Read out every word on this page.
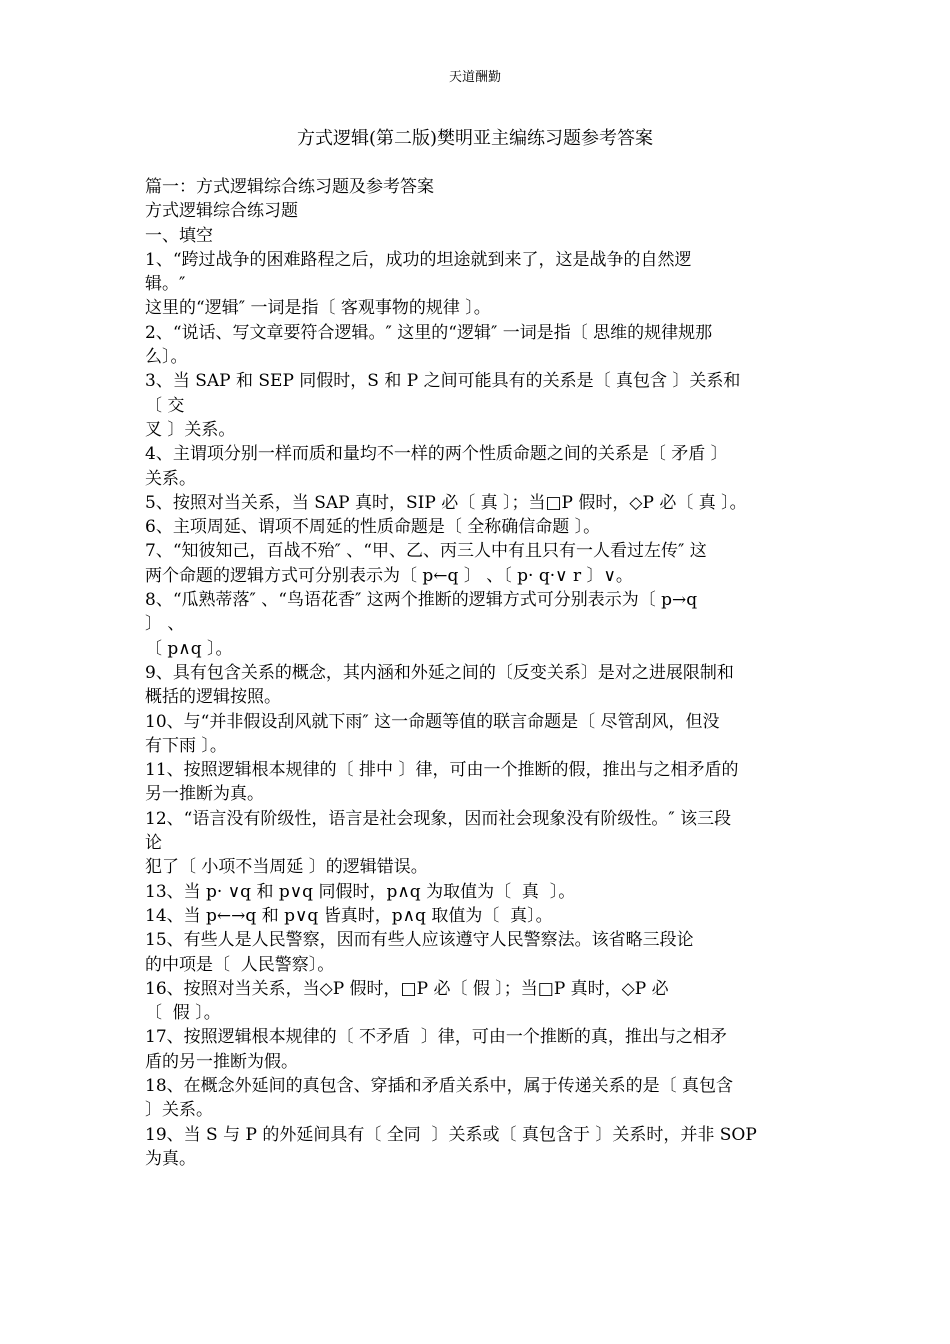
天道酬勤
方式逻辑(第二版)樊明亚主编练习题参考答案
篇一：方式逻辑综合练习题及参考答案
方式逻辑综合练习题
一、填空
1、“跨过战争的困难路程之后，成功的坦途就到来了，这是战争的自然逻
辑。″
这里的“逻辑″ 一词是指〔 客观事物的规律 〕。
2、“说话、写文章要符合逻辑。″ 这里的“逻辑″ 一词是指〔 思维的规律规那
么〕。
3、当 SAP 和 SEP 同假时，S 和 P 之间可能具有的关系是〔 真包含 〕关系和
〔 交
叉 〕关系。
4、主谓项分别一样而质和量均不一样的两个性质命题之间的关系是〔 矛盾 〕
关系。
5、按照对当关系，当 SAP 真时，SIP 必〔 真 〕；当□P 假时，◇P 必〔 真 〕。
6、主项周延、谓项不周延的性质命题是〔 全称确信命题 〕。
7、“知彼知己，百战不殆″ 、“甲、乙、丙三人中有且只有一人看过左传″ 这
两个命题的逻辑方式可分别表示为〔 p←q 〕 、〔 p· q·∨ r 〕∨。
8、“瓜熟蒂落″ 、“鸟语花香″ 这两个推断的逻辑方式可分别表示为〔 p→q
〕 、
〔 p∧q 〕。
9、具有包含关系的概念，其内涵和外延之间的〔反变关系〕是对之进展限制和
概括的逻辑按照。
10、与“并非假设刮风就下雨″ 这一命题等值的联言命题是〔 尽管刮风，但没
有下雨 〕。
11、按照逻辑根本规律的〔 排中 〕律，可由一个推断的假，推出与之相矛盾的
另一推断为真。
12、“语言没有阶级性，语言是社会现象，因而社会现象没有阶级性。″ 该三段
论
犯了〔 小项不当周延 〕的逻辑错误。
13、当 p· ∨q 和 p∨q 同假时，p∧q 为取值为〔  真  〕。
14、当 p←→q 和 p∨q 皆真时，p∧q 取值为〔  真〕。
15、有些人是人民警察，因而有些人应该遵守人民警察法。该省略三段论
的中项是〔  人民警察〕。
16、按照对当关系，当◇P 假时，□P 必〔 假 〕；当□P 真时，◇P 必
〔  假 〕。
17、按照逻辑根本规律的〔 不矛盾  〕律，可由一个推断的真，推出与之相矛
盾的另一推断为假。
18、在概念外延间的真包含、穿插和矛盾关系中，属于传递关系的是〔 真包含
〕关系。
19、当 S 与 P 的外延间具有〔 全同  〕关系或〔 真包含于 〕关系时，并非 SOP
为真。
